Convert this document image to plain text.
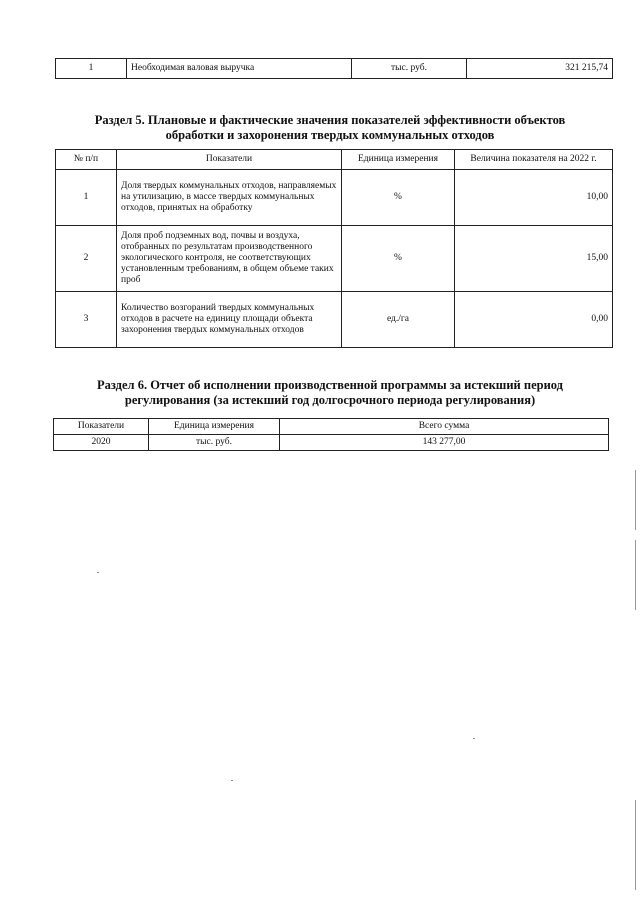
1	Необходимая валовая выручка	тыс. руб.	321 215,74
Раздел 5. Плановые и фактические значения показателей эффективности объектов
обработки и захоронения твердых коммунальных отходов
№ п/п	Показатели	Единица измерения	Величина показателя на 2022 г.
1	Доля твердых коммунальных отходов, направляемых на утилизацию, в массе твердых коммунальных отходов, принятых на обработку	%	10,00
2	Доля проб подземных вод, почвы и воздуха, отобранных по результатам производственного экологического контроля, не соответствующих установленным требованиям, в общем объеме таких проб	%	15,00
3	Количество возгораний твердых коммунальных отходов в расчете на единицу площади объекта захоронения твердых коммунальных отходов	ед./га	0,00
Раздел 6. Отчет об исполнении производственной программы за истекший период
регулирования (за истекший год долгосрочного периода регулирования)
Показатели	Единица измерения	Всего сумма
2020	тыс. руб.	143 277,00
